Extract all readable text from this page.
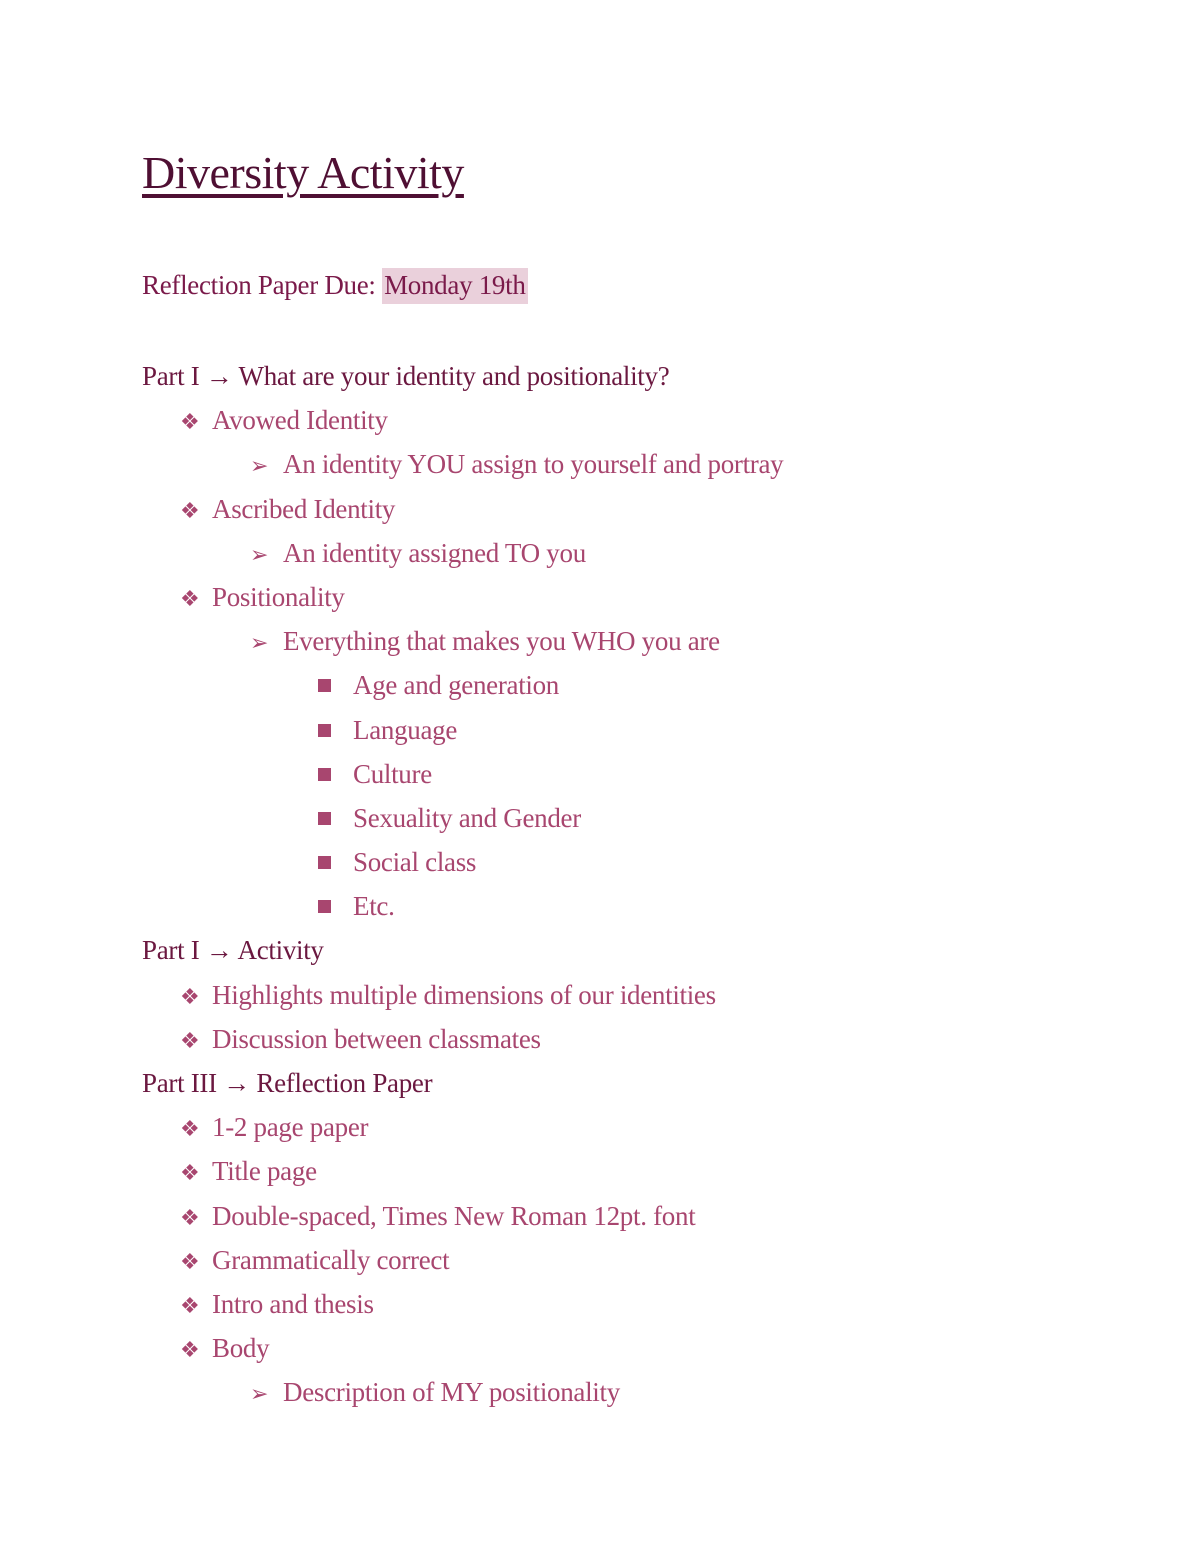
Diversity Activity
Reflection Paper Due: Monday 19th
Part I → What are your identity and positionality?
❖ Avowed Identity
➢ An identity YOU assign to yourself and portray
❖ Ascribed Identity
➢ An identity assigned TO you
❖ Positionality
➢ Everything that makes you WHO you are
Age and generation
Language
Culture
Sexuality and Gender
Social class
Etc.
Part I → Activity
❖ Highlights multiple dimensions of our identities
❖ Discussion between classmates
Part III → Reflection Paper
❖ 1-2 page paper
❖ Title page
❖ Double-spaced, Times New Roman 12pt. font
❖ Grammatically correct
❖ Intro and thesis
❖ Body
➢ Description of MY positionality
